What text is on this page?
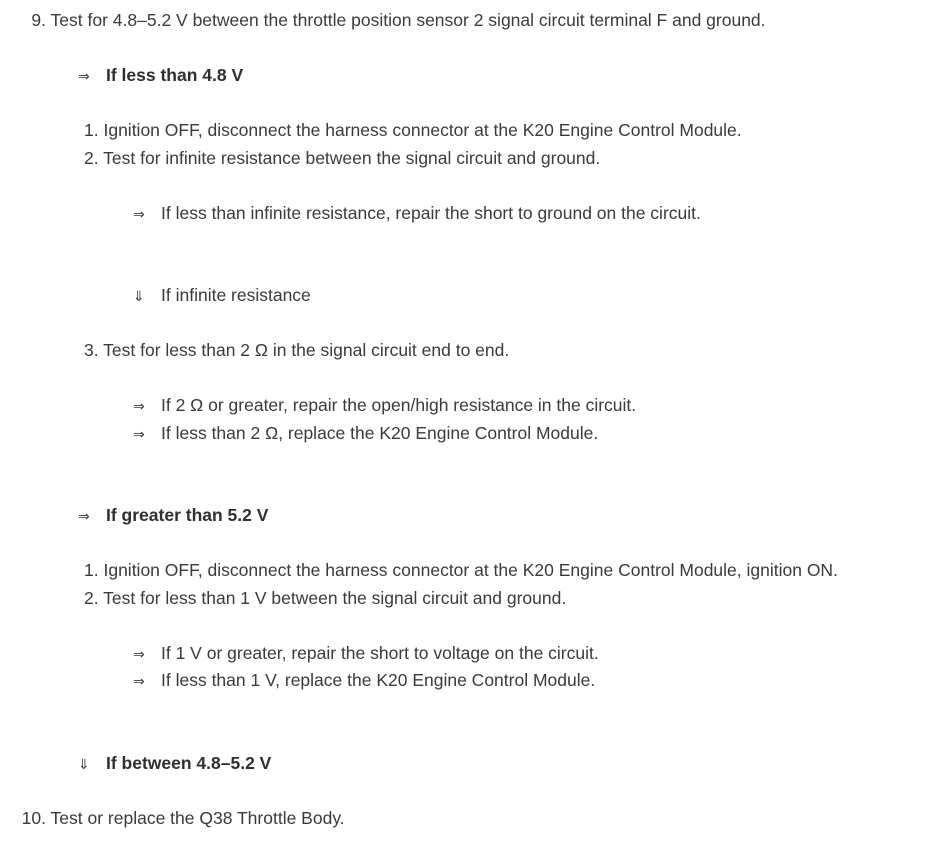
9. Test for 4.8–5.2 V between the throttle position sensor 2 signal circuit terminal F and ground.
⇒ If less than 4.8 V
1. Ignition OFF, disconnect the harness connector at the K20 Engine Control Module.
2. Test for infinite resistance between the signal circuit and ground.
⇒ If less than infinite resistance, repair the short to ground on the circuit.
⇓ If infinite resistance
3. Test for less than 2 Ω in the signal circuit end to end.
⇒ If 2 Ω or greater, repair the open/high resistance in the circuit.
⇒ If less than 2 Ω, replace the K20 Engine Control Module.
⇒ If greater than 5.2 V
1. Ignition OFF, disconnect the harness connector at the K20 Engine Control Module, ignition ON.
2. Test for less than 1 V between the signal circuit and ground.
⇒ If 1 V or greater, repair the short to voltage on the circuit.
⇒ If less than 1 V, replace the K20 Engine Control Module.
⇓ If between 4.8–5.2 V
10. Test or replace the Q38 Throttle Body.
